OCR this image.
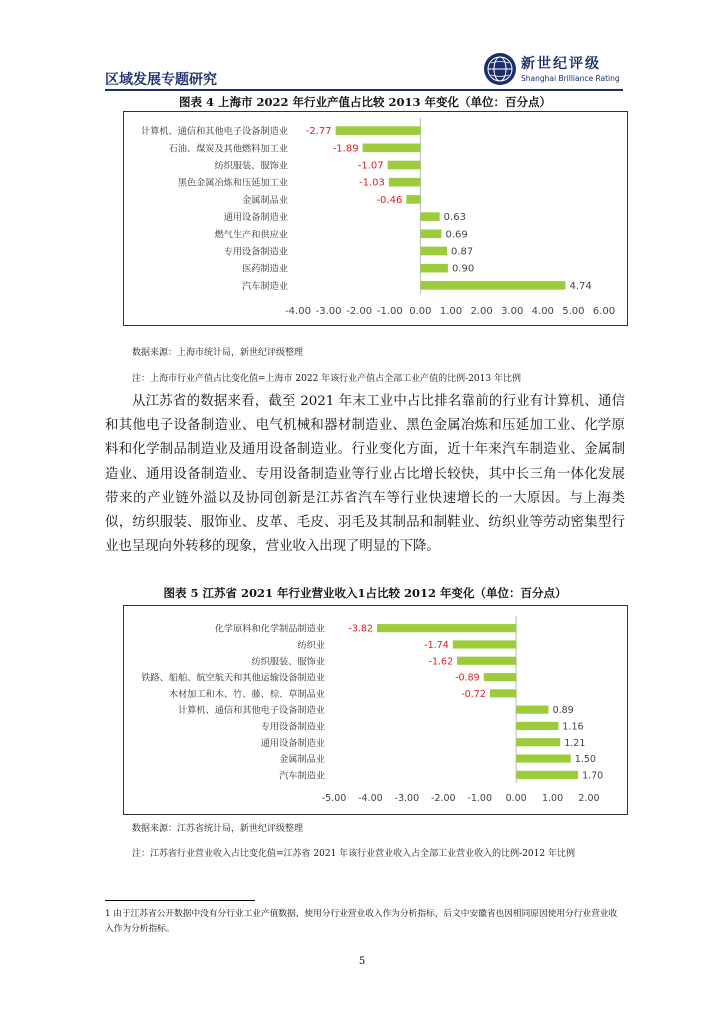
区域发展专题研究
新世纪评级
Shanghai Brilliance Rating
图表 4 上海市 2022 年行业产值占比较 2013 年变化（单位：百分点）
计算机、通信和其他电子设备制造业 -2.77
石油、煤炭及其他燃料加工业	-1.89
纺织服装、服饰业	-1.07
黑色金属冶炼和压延加工业	-1.03
金属制品业	-0.46
通用设备制造业	0.63
燃气生产和供应业	0.69
专用设备制造业	0.87
医药制造业	0.90
汽车制造业	4.74
-4.00 -3.00 -2.00 -1.00 0.00 1.00 2.00 3.00 4.00 5.00 6.00
数据来源：上海市统计局，新世纪评级整理
注：上海市行业产值占比变化值=上海市 2022 年该行业产值占全部工业产值的比例-2013 年比例

从江苏省的数据来看，截至 2021 年末工业中占比排名靠前的行业有计算机、通信和其他电子设备制造业、电气机械和器材制造业、黑色金属冶炼和压延加工业、化学原料和化学制品制造业及通用设备制造业。行业变化方面，近十年来汽车制造业、金属制造业、通用设备制造业、专用设备制造业等行业占比增长较快，其中长三角一体化发展带来的产业链外溢以及协同创新是江苏省汽车等行业快速增长的一大原因。与上海类似，纺织服装、服饰业、皮革、毛皮、羽毛及其制品和制鞋业、纺织业等劳动密集型行业也呈现向外转移的现象，营业收入出现了明显的下降。

图表 5 江苏省 2021 年行业营业收入1占比较 2012 年变化（单位：百分点）
化学原料和化学制品制造业 -3.82
纺织业	-1.74
纺织服装、服饰业	-1.62
铁路、船舶、航空航天和其他运输设备制造业	-0.89
木材加工和木、竹、藤、棕、草制品业	-0.72
计算机、通信和其他电子设备制造业	0.89
专用设备制造业	1.16
通用设备制造业	1.21
金属制品业	1.50
汽车制造业	1.70
-5.00 -4.00 -3.00 -2.00 -1.00 0.00 1.00 2.00
数据来源：江苏省统计局，新世纪评级整理
注：江苏省行业营业收入占比变化值=江苏省 2021 年该行业营业收入占全部工业营业收入的比例-2012 年比例
1 由于江苏省公开数据中没有分行业工业产值数据，使用分行业营业收入作为分析指标，后文中安徽省也因相同原因使用分行业营业收入作为分析指标。
5
